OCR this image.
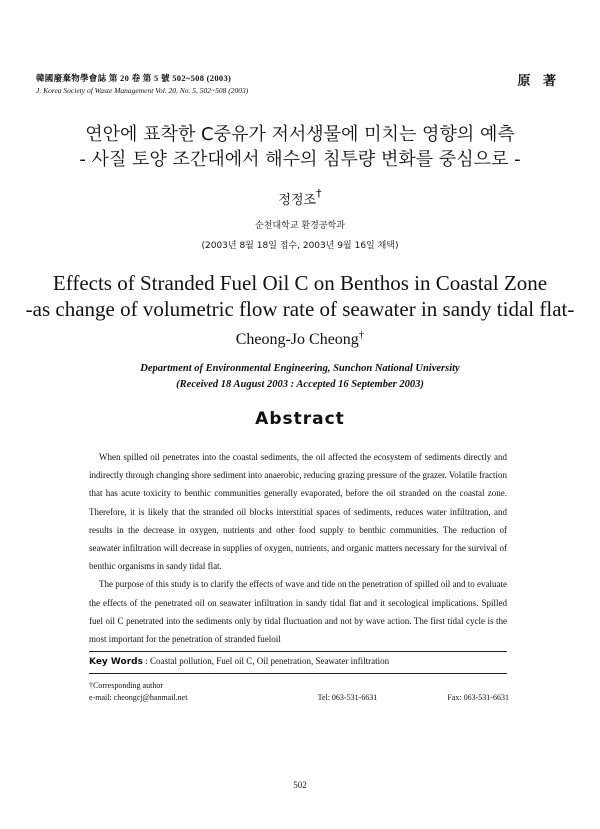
韓國廢棄物學會誌 第 20 卷 第 5 號 502~508 (2003)
J. Korea Society of Waste Management Vol. 20, No. 5, 502~508 (2003)
原 著
연안에 표착한 C중유가 저서생물에 미치는 영향의 예측
- 사질 토양 조간대에서 해수의 침투량 변화를 중심으로 -
정정조†
순천대학교 환경공학과
(2003년 8월 18일 접수, 2003년 9월 16일 채택)
Effects of Stranded Fuel Oil C on Benthos in Coastal Zone
-as change of volumetric flow rate of seawater in sandy tidal flat-
Cheong-Jo Cheong†
Department of Environmental Engineering, Sunchon National University
(Received 18 August 2003 : Accepted 16 September 2003)
Abstract

When spilled oil penetrates into the coastal sediments, the oil affected the ecosystem of sediments directly and indirectly through changing shore sediment into anaerobic, reducing grazing pressure of the grazer. Volatile fraction that has acute toxicity to benthic communities generally evaporated, before the oil stranded on the coastal zone. Therefore, it is likely that the stranded oil blocks interstitial spaces of sediments, reduces water infiltration, and results in the decrease in oxygen, nutrients and other food supply to benthic communities. The reduction of seawater infiltration will decrease in supplies of oxygen, nutrients, and organic matters necessary for the survival of benthic organisms in sandy tidal flat.

The purpose of this study is to clarify the effects of wave and tide on the penetration of spilled oil and to evaluate the effects of the penetrated oil on seawater infiltration in sandy tidal flat and it secological implications. Spilled fuel oil C penetrated into the sediments only by tidal fluctuation and not by wave action. The first tidal cycle is the most important for the penetration of stranded fueloil

Key Words : Coastal pollution, Fuel oil C, Oil penetration, Seawater infiltration
†Corresponding author
e-mail: cheongcj@hanmail.net	Tel: 063-531-6631	Fax: 063-531-6631
502
